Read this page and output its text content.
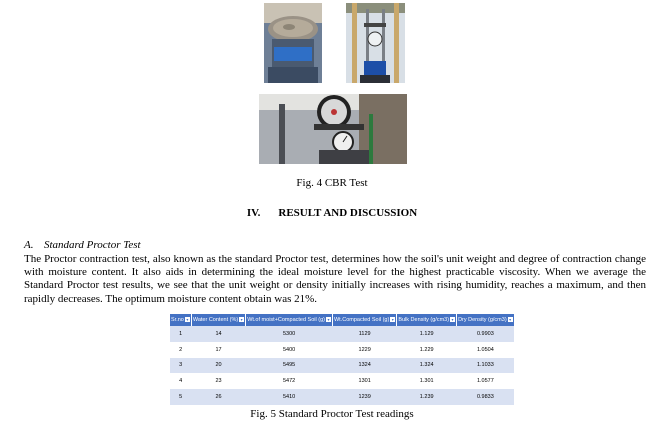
Fig. 4 CBR Test
IV. RESULT AND DISCUSSION
A. Standard Proctor Test

The Proctor contraction test, also known as the standard Proctor test, determines how the soil's unit weight and degree of contraction change with moisture content. It also aids in determining the ideal moisture level for the highest practicable viscosity. When we average the Standard Proctor test results, we see that the unit weight or density initially increases with rising humidity, reaches a maximum, and then rapidly decreases. The optimum moisture content obtain was 21%.

Sr.no ▾	Water Content (%) ▾	Wt.of moist+Compacted Soil (g) ▾	Wt.Compacted Soil (g) ▾	Bulk Density (g/cm3) ▾	Dry Density (g/cm3) ▾
1	14	5300	1129	1.129	0.9903
2	17	5400	1229	1.229	1.0504
3	20	5495	1324	1.324	1.1033
4	23	5472	1301	1.301	1.0577
5	26	5410	1239	1.239	0.9833
Fig. 5 Standard Proctor Test readings
